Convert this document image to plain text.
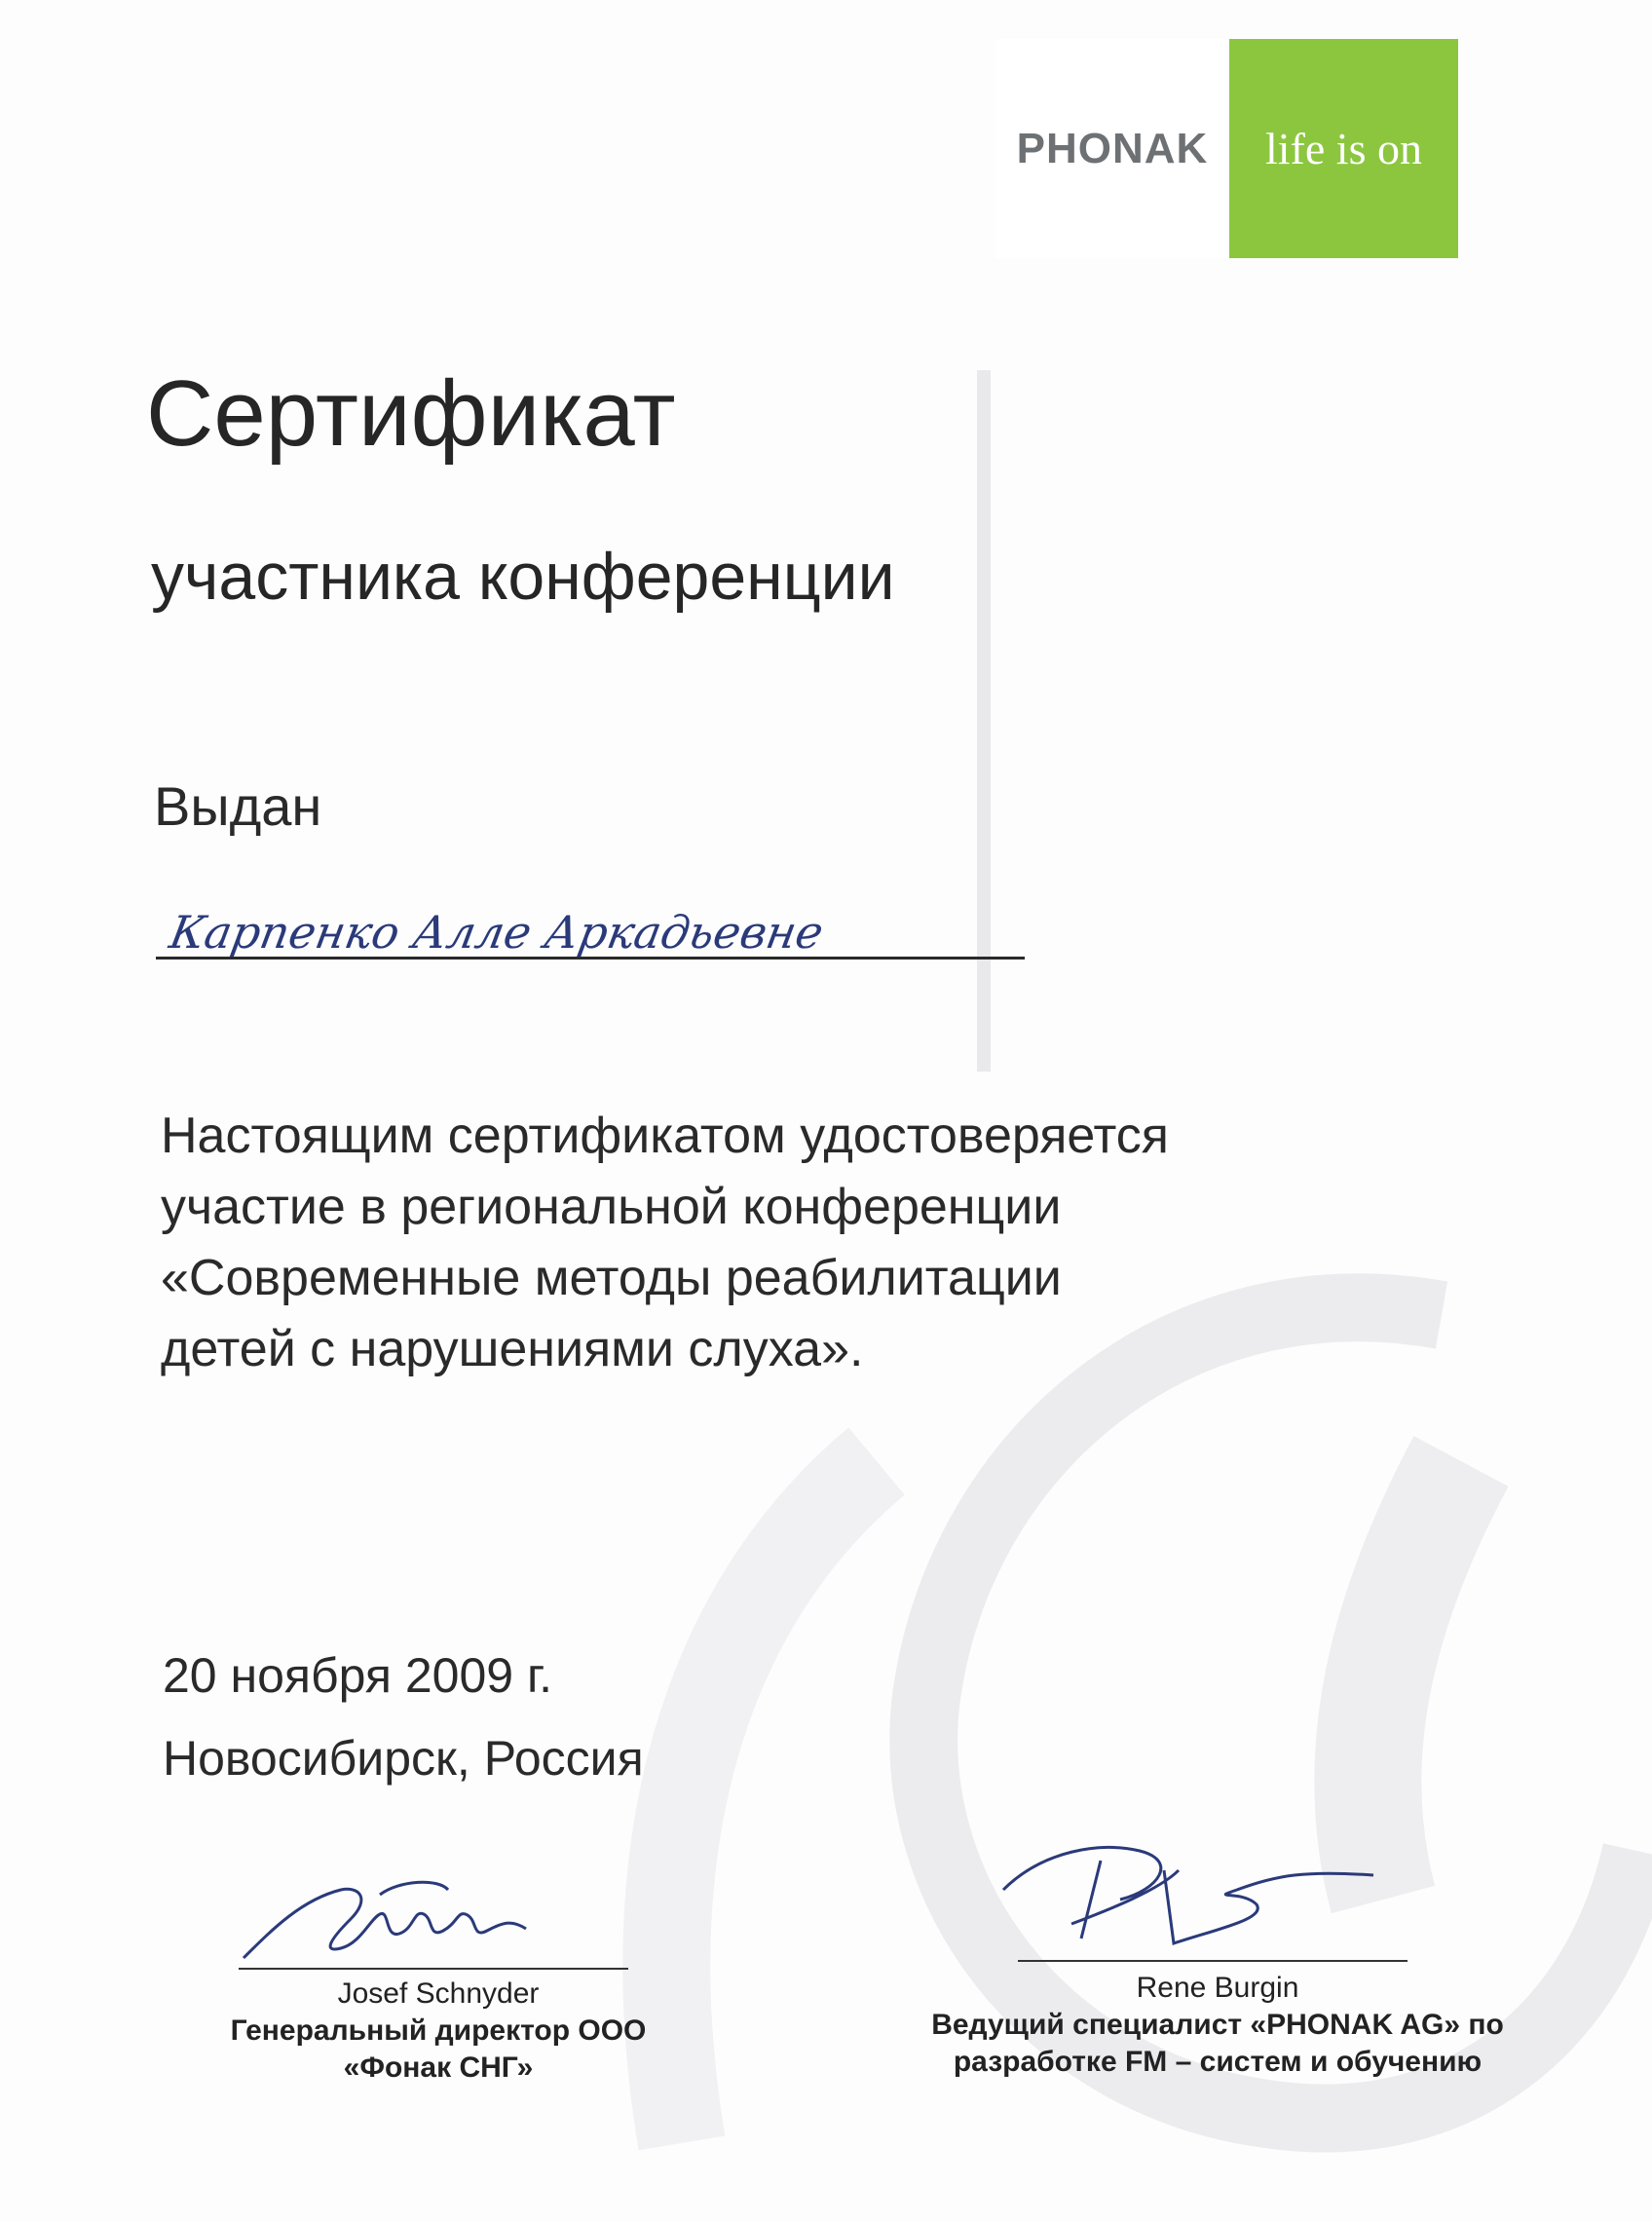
PHONAK life is on
Сертификат
участника конференции
Выдан
Карпенко Алле Аркадьевне
Настоящим сертификатом удостоверяется
участие в региональной конференции
«Современные методы реабилитации
детей с нарушениями слуха».
20 ноября 2009 г.
Новосибирск, Россия
Josef Schnyder
Генеральный директор ООО
«Фонак СНГ»
Rene Burgin
Ведущий специалист «PHONAK AG» по
разработке FM – систем и обучению
